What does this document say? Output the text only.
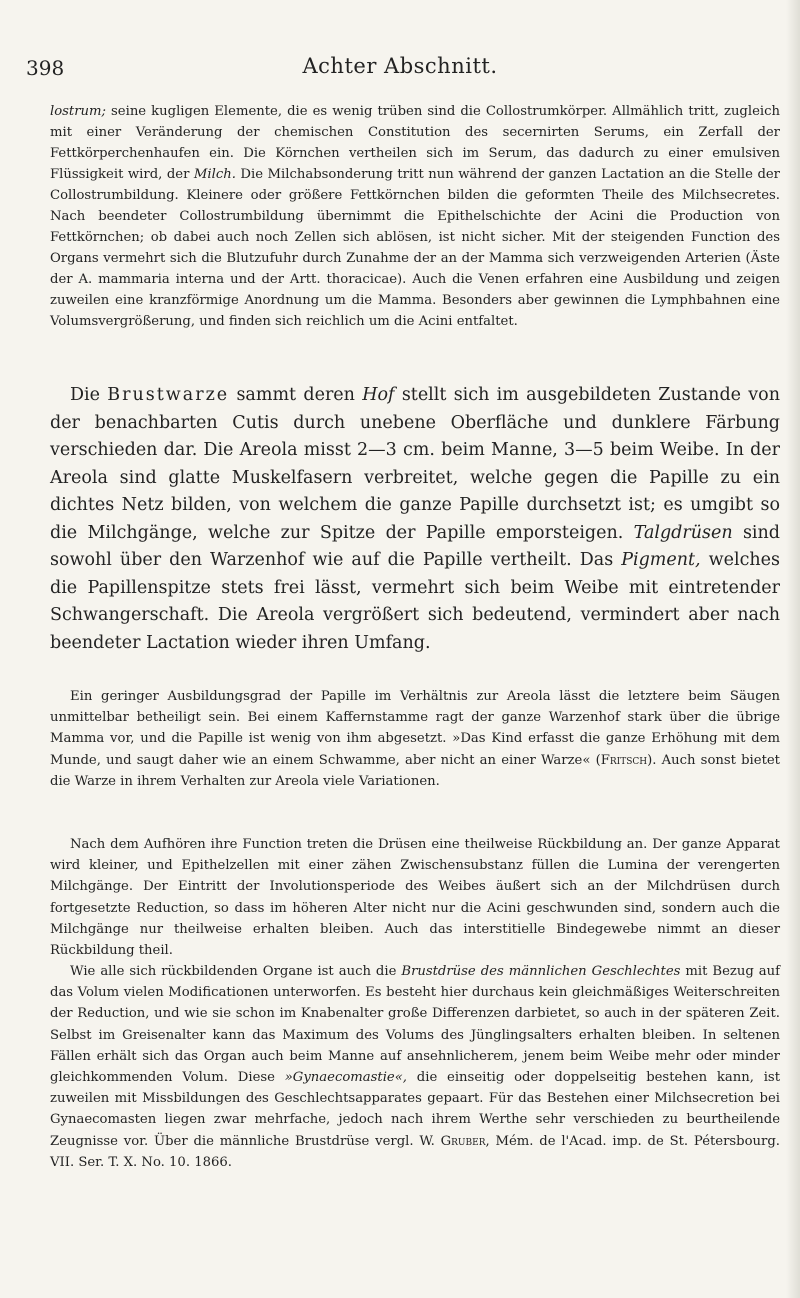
398	Achter Abschnitt.

lostrum; seine kugligen Elemente, die es wenig trüben sind die Collostrumkörper. Allmählich tritt, zugleich mit einer Veränderung der chemischen Constitution des secernirten Serums, ein Zerfall der Fettkörperchenhaufen ein. Die Körnchen vertheilen sich im Serum, das dadurch zu einer emulsiven Flüssigkeit wird, der Milch. Die Milchabsonderung tritt nun während der ganzen Lactation an die Stelle der Collostrumbildung. Kleinere oder größere Fettkörnchen bilden die geformten Theile des Milchsecretes. Nach beendeter Collostrumbildung übernimmt die Epithelschichte der Acini die Production von Fettkörnchen; ob dabei auch noch Zellen sich ablösen, ist nicht sicher. Mit der steigenden Function des Organs vermehrt sich die Blutzufuhr durch Zunahme der an der Mamma sich verzweigenden Arterien (Äste der A. mammaria interna und der Artt. thoracicae). Auch die Venen erfahren eine Ausbildung und zeigen zuweilen eine kranzförmige Anordnung um die Mamma. Besonders aber gewinnen die Lymphbahnen eine Volumsvergrößerung, und finden sich reichlich um die Acini entfaltet.

Die Brustwarze sammt deren Hof stellt sich im ausgebildeten Zustande von der benachbarten Cutis durch unebene Oberfläche und dunklere Färbung verschieden dar. Die Areola misst 2—3 cm. beim Manne, 3—5 beim Weibe. In der Areola sind glatte Muskelfasern verbreitet, welche gegen die Papille zu ein dichtes Netz bilden, von welchem die ganze Papille durchsetzt ist; es umgibt so die Milchgänge, welche zur Spitze der Papille emporsteigen. Talgdrüsen sind sowohl über den Warzenhof wie auf die Papille vertheilt. Das Pigment, welches die Papillenspitze stets frei lässt, vermehrt sich beim Weibe mit eintretender Schwangerschaft. Die Areola vergrößert sich bedeutend, vermindert aber nach beendeter Lactation wieder ihren Umfang.

Ein geringer Ausbildungsgrad der Papille im Verhältnis zur Areola lässt die letztere beim Säugen unmittelbar betheiligt sein. Bei einem Kaffernstamme ragt der ganze Warzenhof stark über die übrige Mamma vor, und die Papille ist wenig von ihm abgesetzt. »Das Kind erfasst die ganze Erhöhung mit dem Munde, und saugt daher wie an einem Schwamme, aber nicht an einer Warze« (Fritsch). Auch sonst bietet die Warze in ihrem Verhalten zur Areola viele Variationen.

Nach dem Aufhören ihre Function treten die Drüsen eine theilweise Rückbildung an. Der ganze Apparat wird kleiner, und Epithelzellen mit einer zähen Zwischensubstanz füllen die Lumina der verengerten Milchgänge. Der Eintritt der Involutionsperiode des Weibes äußert sich an der Milchdrüsen durch fortgesetzte Reduction, so dass im höheren Alter nicht nur die Acini geschwunden sind, sondern auch die Milchgänge nur theilweise erhalten bleiben. Auch das interstitielle Bindegewebe nimmt an dieser Rückbildung theil.

Wie alle sich rückbildenden Organe ist auch die Brustdrüse des männlichen Geschlechtes mit Bezug auf das Volum vielen Modificationen unterworfen. Es besteht hier durchaus kein gleichmäßiges Weiterschreiten der Reduction, und wie sie schon im Knabenalter große Differenzen darbietet, so auch in der späteren Zeit. Selbst im Greisenalter kann das Maximum des Volums des Jünglingsalters erhalten bleiben. In seltenen Fällen erhält sich das Organ auch beim Manne auf ansehnlicherem, jenem beim Weibe mehr oder minder gleichkommenden Volum. Diese »Gynaecomastie«, die einseitig oder doppelseitig bestehen kann, ist zuweilen mit Missbildungen des Geschlechtsapparates gepaart. Für das Bestehen einer Milchsecretion bei Gynaecomasten liegen zwar mehrfache, jedoch nach ihrem Werthe sehr verschieden zu beurtheilende Zeugnisse vor. Über die männliche Brustdrüse vergl. W. Gruber, Mém. de l'Acad. imp. de St. Pétersbourg. VII. Ser. T. X. No. 10. 1866.
